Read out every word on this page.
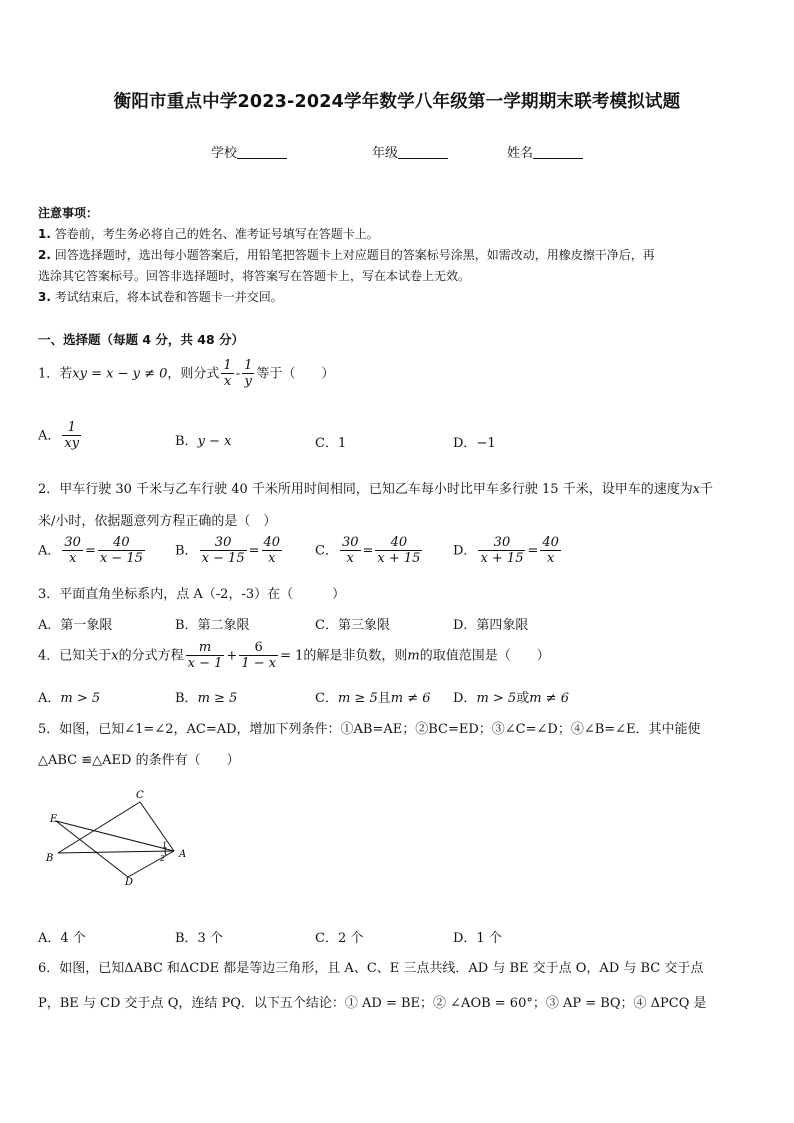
衡阳市重点中学2023-2024学年数学八年级第一学期期末联考模拟试题
学校	年级	姓名
注意事项：
1. 答卷前，考生务必将自己的姓名、准考证号填写在答题卡上。
2. 回答选择题时，选出每小题答案后，用铅笔把答题卡上对应题目的答案标号涂黑，如需改动，用橡皮擦干净后，再
选涂其它答案标号。回答非选择题时，将答案写在答题卡上，写在本试卷上无效。
3. 考试结束后，将本试卷和答题卡一并交回。
一、选择题（每题 4 分，共 48 分）
1．若xy = x − y ≠ 0，则分式 $\frac{1}{x} - \frac{1}{y}$ 等于（　　）
A． $\frac{1}{xy}$	B．y − x	C．1	D．−1
2．甲车行驶 30 千米与乙车行驶 40 千米所用时间相同，已知乙车每小时比甲车多行驶 15 千米，设甲车的速度为x千
米/小时，依据题意列方程正确的是（　）
A． $\frac{30}{x} = \frac{40}{x - 15}$ B． $\frac{30}{x - 15} = \frac{40}{x}$	C． $\frac{30}{x} = \frac{40}{x + 15}$ D． $\frac{30}{x + 15} = \frac{40}{x}$
3．平面直角坐标系内，点 A（-2，-3）在（　　　）
A．第一象限	B．第二象限	C．第三象限	D．第四象限
4．已知关于x的分式方程 $\frac{m}{x - 1} + \frac{6}{1 - x} = 1$的解是非负数，则m的取值范围是（　　）
A．m > 5	B．m ≥ 5	C．m ≥ 5且m ≠ 6 D．m > 5或m ≠ 6
5．如图，已知∠1=∠2，AC=AD，增加下列条件：①AB=AE；②BC=ED；③∠C=∠D；④∠B=∠E．其中能使
△ABC ≌△AED 的条件有（　　）
C
E
B	A
D
1
2
A．4 个	B．3 个	C．2 个	D．1 个
6．如图，已知ΔABC 和ΔCDE 都是等边三角形，且 A、C、E 三点共线．AD 与 BE 交于点 O，AD 与 BC 交于点
P，BE 与 CD 交于点 Q，连结 PQ．以下五个结论：① AD = BE；② ∠AOB = 60°；③ AP = BQ；④ ΔPCQ 是
